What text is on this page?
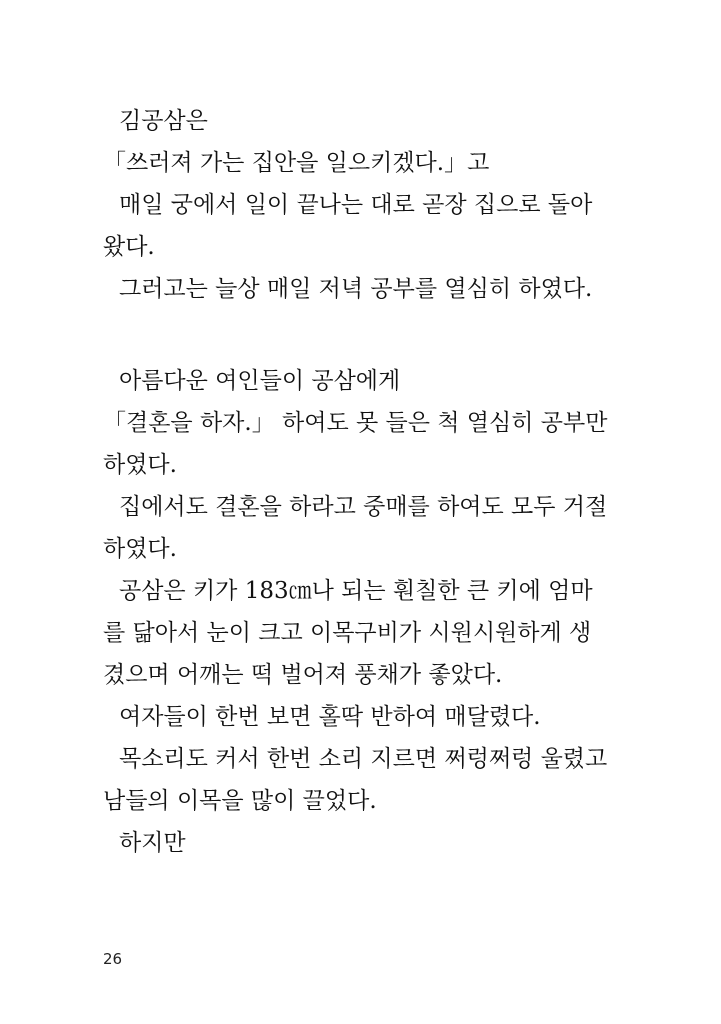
김공삼은
「쓰러져 가는 집안을 일으키겠다.」고
매일 궁에서 일이 끝나는 대로 곧장 집으로 돌아
왔다.
그러고는 늘상 매일 저녁 공부를 열심히 하였다.
아름다운 여인들이 공삼에게
「결혼을 하자.」 하여도 못 들은 척 열심히 공부만
하였다.
집에서도 결혼을 하라고 중매를 하여도 모두 거절
하였다.
공삼은 키가 183㎝나 되는 훤칠한 큰 키에 엄마
를 닮아서 눈이 크고 이목구비가 시원시원하게 생
겼으며 어깨는 떡 벌어져 풍채가 좋았다.
여자들이 한번 보면 홀딱 반하여 매달렸다.
목소리도 커서 한번 소리 지르면 쩌렁쩌렁 울렸고
남들의 이목을 많이 끌었다.
하지만
26
